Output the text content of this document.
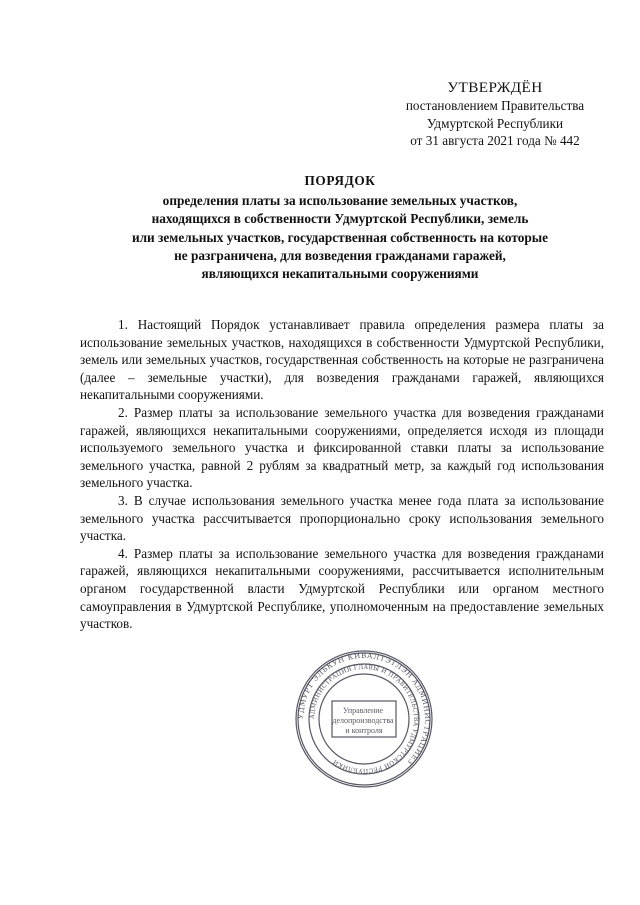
УТВЕРЖДЁН
постановлением Правительства
Удмуртской Республики
от 31 августа 2021 года № 442
ПОРЯДОК
определения платы за использование земельных участков,
находящихся в собственности Удмуртской Республики, земель
или земельных участков, государственная собственность на которые
не разграничена, для возведения гражданами гаражей,
являющихся некапитальными сооружениями

1. Настоящий Порядок устанавливает правила определения размера платы за использование земельных участков, находящихся в собственности Удмуртской Республики, земель или земельных участков, государственная собственность на которые не разграничена (далее – земельные участки), для возведения гражданами гаражей, являющихся некапитальными сооружениями.

2. Размер платы за использование земельного участка для возведения гражданами гаражей, являющихся некапитальными сооружениями, определяется исходя из площади используемого земельного участка и фиксированной ставки платы за использование земельного участка, равной 2 рублям за квадратный метр, за каждый год использования земельного участка.

3. В случае использования земельного участка менее года плата за использование земельного участка рассчитывается пропорционально сроку использования земельного участка.

4. Размер платы за использование земельного участка для возведения гражданами гаражей, являющихся некапитальными сооружениями, рассчитывается исполнительным органом государственной власти Удмуртской Республики или органом местного самоуправления в Удмуртской Республике, уполномоченным на предоставление земельных участков.

УДМУРТ ЭЛЬКУН КИВАЛТЭТЛЭН АДМИНИСТРАЦИЕЗ
АДМИНИСТРАЦИЯ ГЛАВЫ И ПРАВИТЕЛЬСТВА УДМУРТСКОЙ РЕСПУБЛИКИ
Управление делопроизводства и контроля
